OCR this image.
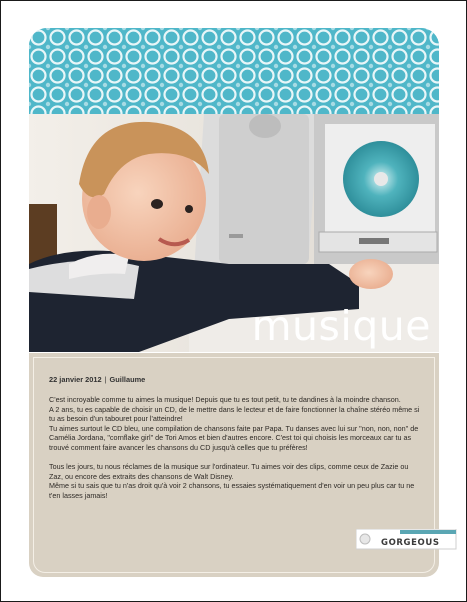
musique
22 janvier 2012 | Guillaume

C'est incroyable comme tu aimes la musique! Depuis que tu es tout petit, tu te dandines à la moindre chanson.
A 2 ans, tu es capable de choisir un CD, de le mettre dans le lecteur et de faire fonctionner la chaîne stéréo même si tu as besoin d'un tabouret pour l'atteindre!
Tu aimes surtout le CD bleu, une compilation de chansons faite par Papa. Tu danses avec lui sur "non, non, non" de Camélia Jordana, "cornflake girl" de Tori Amos et bien d'autres encore. C'est toi qui choisis les morceaux car tu as trouvé comment faire avancer les chansons du CD jusqu'à celles que tu préfères!

Tous les jours, tu nous réclames de la musique sur l'ordinateur. Tu aimes voir des clips, comme ceux de Zazie ou Zaz, ou encore des extraits des chansons de Walt Disney.
Même si tu sais que tu n'as droit qu'à voir 2 chansons, tu essaies systématiquement d'en voir un peu plus car tu ne t'en lasses jamais!

GORGEOUS
